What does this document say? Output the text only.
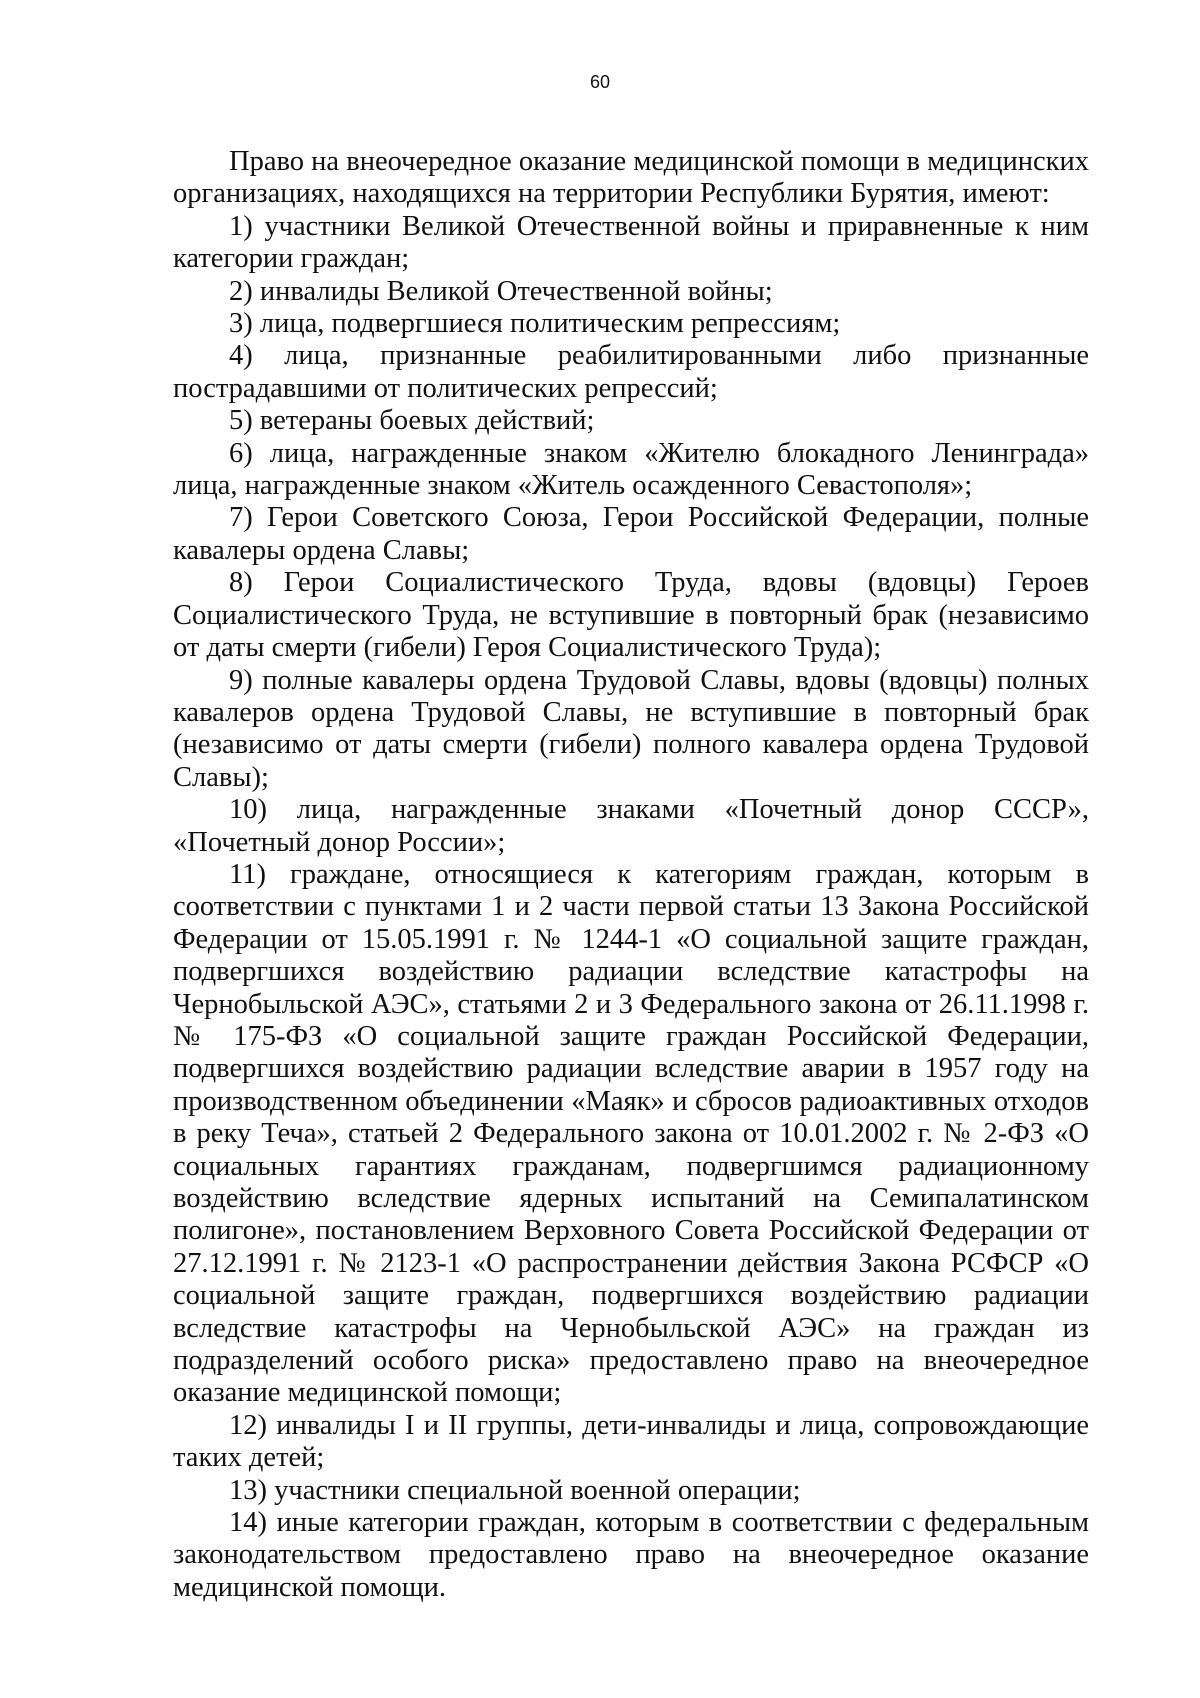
60

Право на внеочередное оказание медицинской помощи в медицинских организациях, находящихся на территории Республики Бурятия, имеют:

1) участники Великой Отечественной войны и приравненные к ним категории граждан;

2) инвалиды Великой Отечественной войны;

3) лица, подвергшиеся политическим репрессиям;

4) лица, признанные реабилитированными либо признанные пострадавшими от политических репрессий;

5) ветераны боевых действий;

6) лица, награжденные знаком «Жителю блокадного Ленинграда» лица, награжденные знаком «Житель осажденного Севастополя»;

7) Герои Советского Союза, Герои Российской Федерации, полные кавалеры ордена Славы;

8) Герои Социалистического Труда, вдовы (вдовцы) Героев Социалистического Труда, не вступившие в повторный брак (независимо от даты смерти (гибели) Героя Социалистического Труда);

9) полные кавалеры ордена Трудовой Славы, вдовы (вдовцы) полных кавалеров ордена Трудовой Славы, не вступившие в повторный брак (независимо от даты смерти (гибели) полного кавалера ордена Трудовой Славы);

10) лица, награжденные знаками «Почетный донор СССР», «Почетный донор России»;

11) граждане, относящиеся к категориям граждан, которым в соответствии с пунктами 1 и 2 части первой статьи 13 Закона Российской Федерации от 15.05.1991 г. № 1244-1 «О социальной защите граждан, подвергшихся воздействию радиации вследствие катастрофы на Чернобыльской АЭС», статьями 2 и 3 Федерального закона от 26.11.1998 г. № 175-ФЗ «О социальной защите граждан Российской Федерации, подвергшихся воздействию радиации вследствие аварии в 1957 году на производственном объединении «Маяк» и сбросов радиоактивных отходов в реку Теча», статьей 2 Федерального закона от 10.01.2002 г. № 2-ФЗ «О социальных гарантиях гражданам, подвергшимся радиационному воздействию вследствие ядерных испытаний на Семипалатинском полигоне», постановлением Верховного Совета Российской Федерации от 27.12.1991 г. № 2123-1 «О распространении действия Закона РСФСР «О социальной защите граждан, подвергшихся воздействию радиации вследствие катастрофы на Чернобыльской АЭС» на граждан из подразделений особого риска» предоставлено право на внеочередное оказание медицинской помощи;

12) инвалиды I и II группы, дети-инвалиды и лица, сопровождающие таких детей;

13) участники специальной военной операции;

14) иные категории граждан, которым в соответствии с федеральным законодательством предоставлено право на внеочередное оказание медицинской помощи.
